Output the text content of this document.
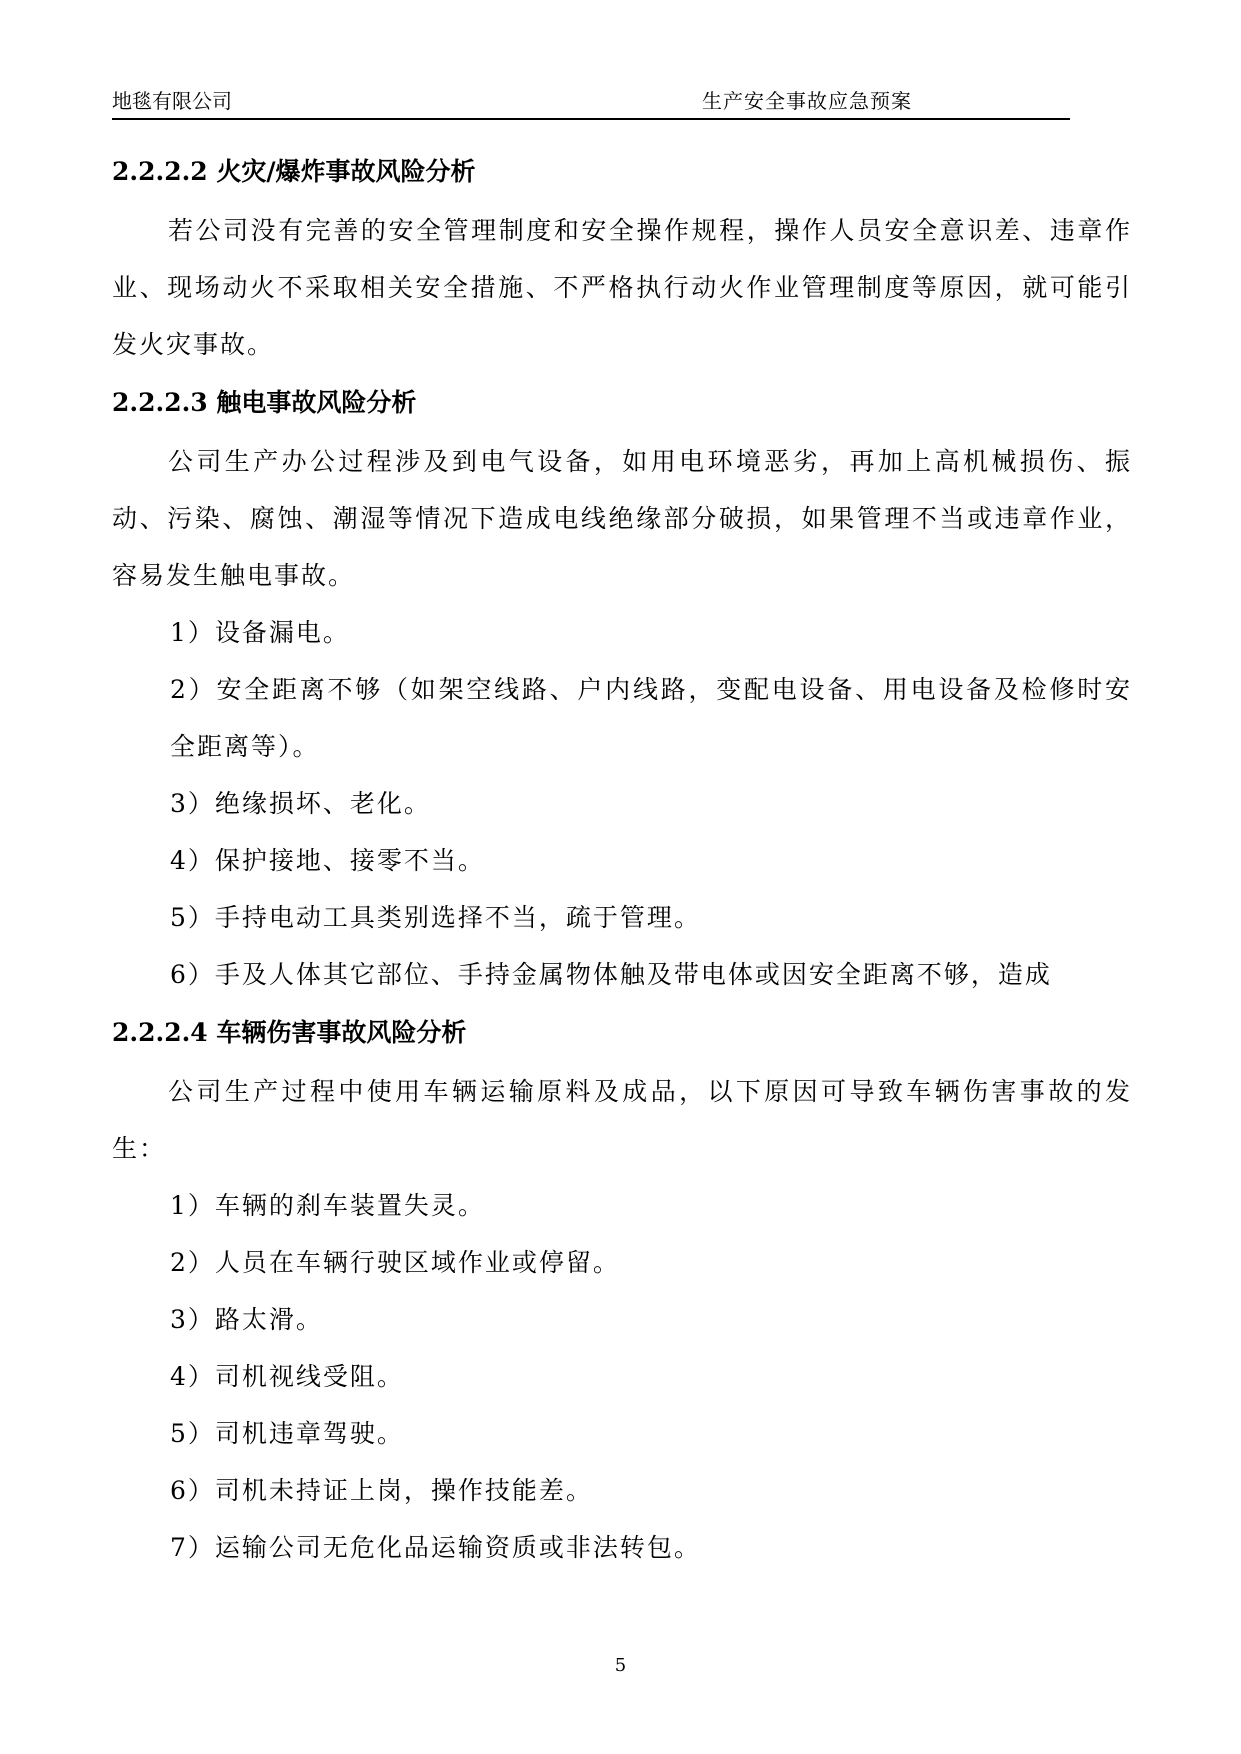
地毯有限公司	生产安全事故应急预案
2.2.2.2 火灾/爆炸事故风险分析
若公司没有完善的安全管理制度和安全操作规程，操作人员安全意识差、违章作业、现场动火不采取相关安全措施、不严格执行动火作业管理制度等原因，就可能引发火灾事故。
2.2.2.3 触电事故风险分析
公司生产办公过程涉及到电气设备，如用电环境恶劣，再加上高机械损伤、振动、污染、腐蚀、潮湿等情况下造成电线绝缘部分破损，如果管理不当或违章作业，容易发生触电事故。
1）设备漏电。
2）安全距离不够（如架空线路、户内线路，变配电设备、用电设备及检修时安全距离等）。
3）绝缘损坏、老化。
4）保护接地、接零不当。
5）手持电动工具类别选择不当，疏于管理。
6）手及人体其它部位、手持金属物体触及带电体或因安全距离不够，造成
2.2.2.4 车辆伤害事故风险分析
公司生产过程中使用车辆运输原料及成品，以下原因可导致车辆伤害事故的发生：
1）车辆的刹车装置失灵。
2）人员在车辆行驶区域作业或停留。
3）路太滑。
4）司机视线受阻。
5）司机违章驾驶。
6）司机未持证上岗，操作技能差。
7）运输公司无危化品运输资质或非法转包。
5
